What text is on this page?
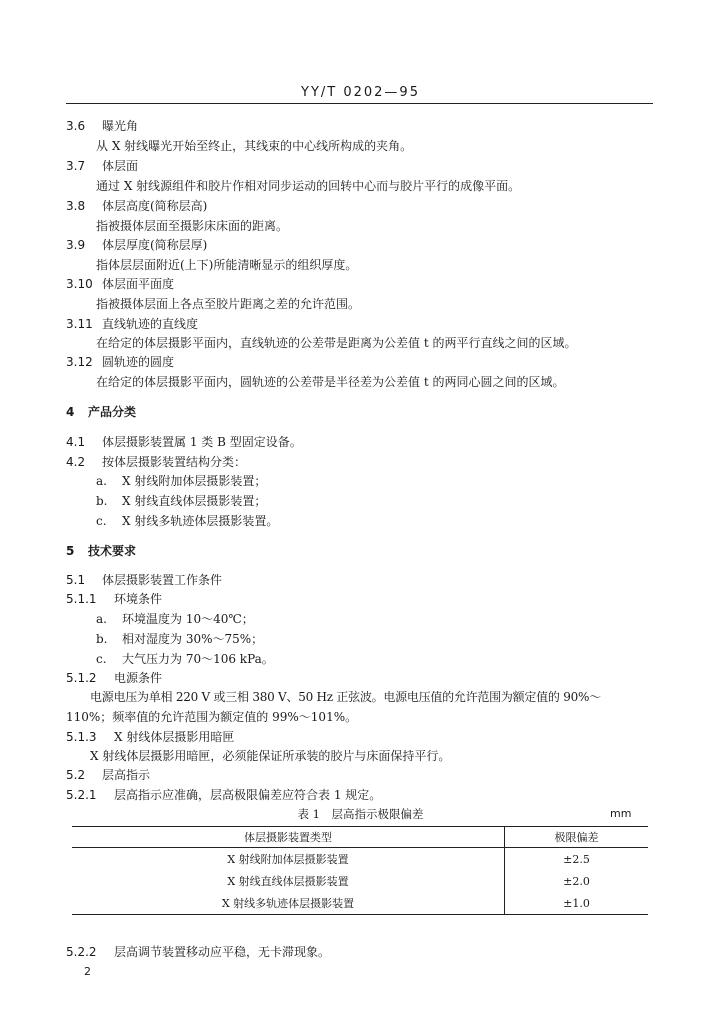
YY/T 0202—95
3.6 曝光角
从 X 射线曝光开始至终止，其线束的中心线所构成的夹角。
3.7 体层面
通过 X 射线源组件和胶片作相对同步运动的回转中心而与胶片平行的成像平面。
3.8 体层高度(简称层高)
指被摄体层面至摄影床床面的距离。
3.9 体层厚度(简称层厚)
指体层层面附近(上下)所能清晰显示的组织厚度。
3.10 体层面平面度
指被摄体层面上各点至胶片距离之差的允许范围。
3.11 直线轨迹的直线度
在给定的体层摄影平面内，直线轨迹的公差带是距离为公差值 t 的两平行直线之间的区域。
3.12 圆轨迹的圆度
在给定的体层摄影平面内，圆轨迹的公差带是半径差为公差值 t 的两同心圆之间的区域。
4 产品分类
4.1 体层摄影装置属 1 类 B 型固定设备。
4.2 按体层摄影装置结构分类：
a. X 射线附加体层摄影装置；
b. X 射线直线体层摄影装置；
c. X 射线多轨迹体层摄影装置。
5 技术要求
5.1 体层摄影装置工作条件
5.1.1 环境条件
a. 环境温度为 10～40℃；
b. 相对湿度为 30%～75%；
c. 大气压力为 70～106 kPa。
5.1.2 电源条件
电源电压为单相 220 V 或三相 380 V、50 Hz 正弦波。电源电压值的允许范围为额定值的 90%～
110%；频率值的允许范围为额定值的 99%～101%。
5.1.3 X 射线体层摄影用暗匣
X 射线体层摄影用暗匣，必须能保证所承装的胶片与床面保持平行。
5.2 层高指示
5.2.1 层高指示应准确，层高极限偏差应符合表 1 规定。
表 1　层高指示极限偏差	mm
体层摄影装置类型	极限偏差
X 射线附加体层摄影装置	±2.5
X 射线直线体层摄影装置	±2.0
X 射线多轨迹体层摄影装置	±1.0
5.2.2 层高调节装置移动应平稳，无卡滞现象。
2
